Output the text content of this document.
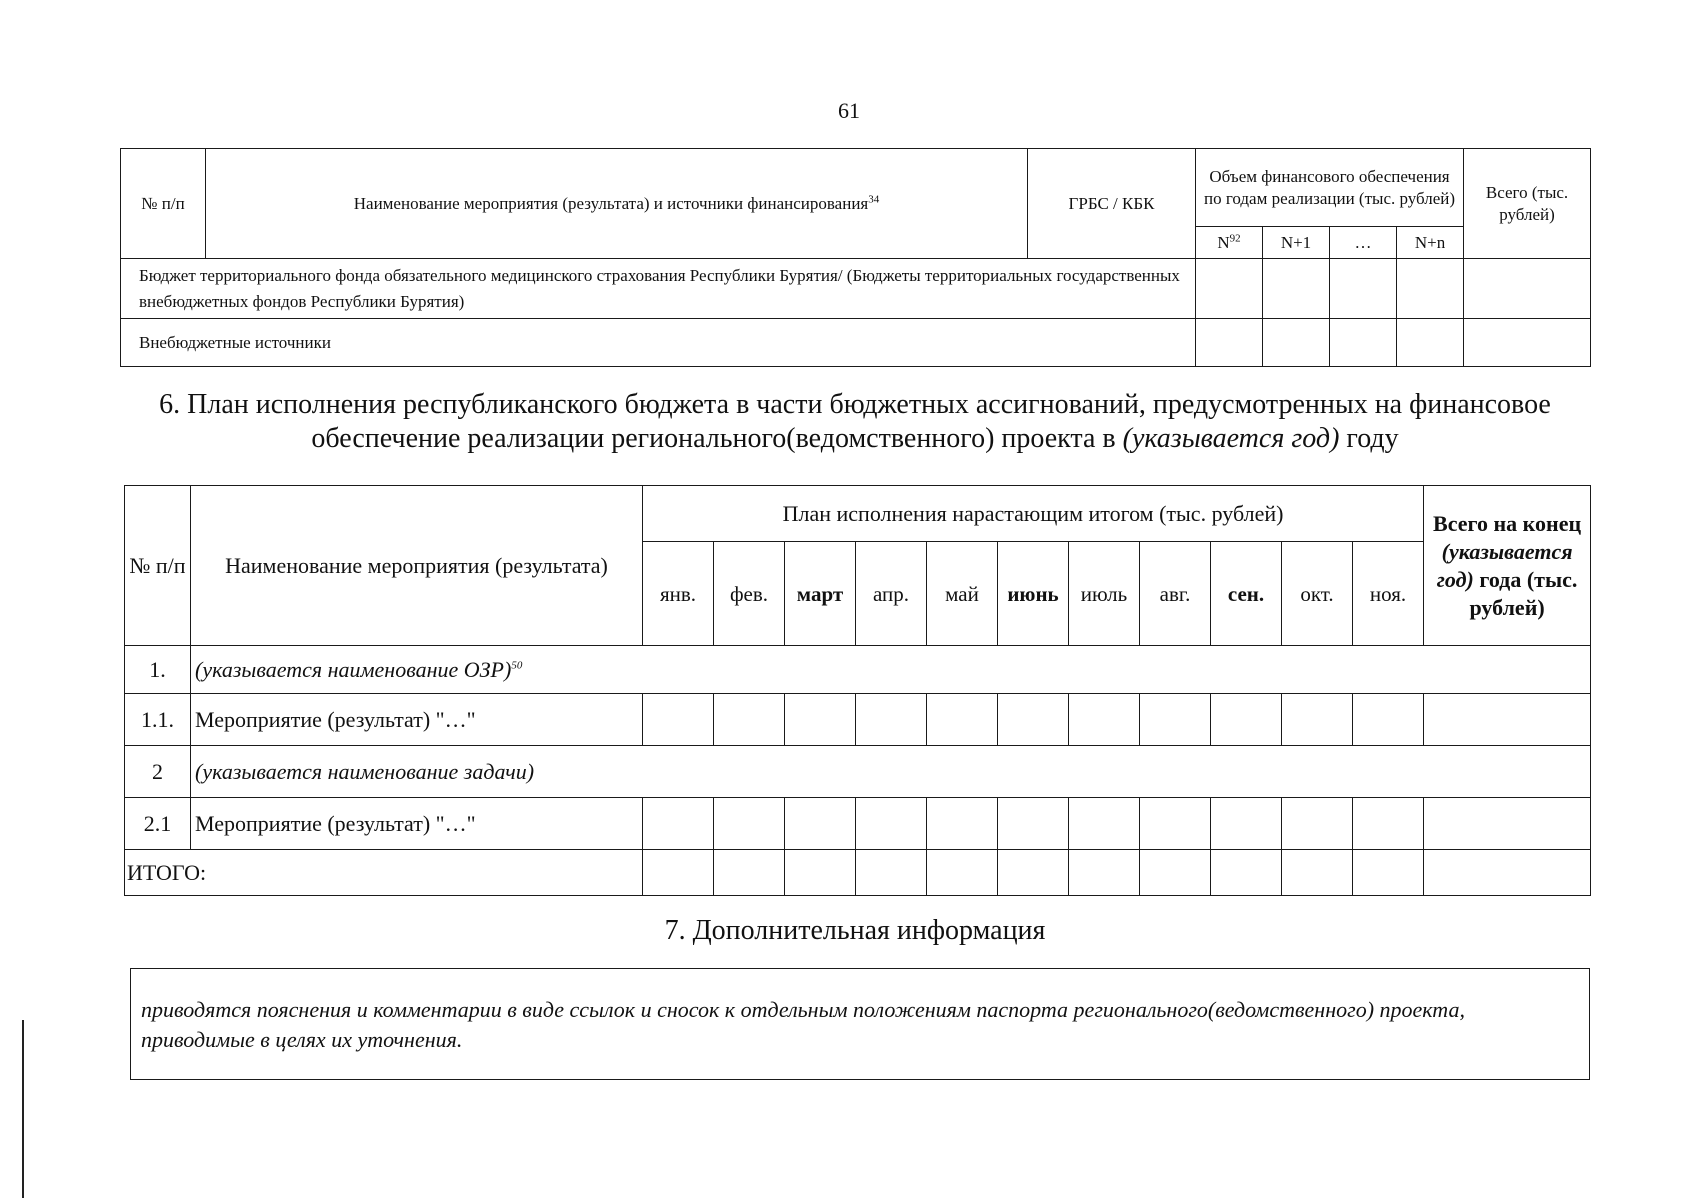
61
№ п/п	Наименование мероприятия (результата) и источники финансирования$^{34}$	ГРБС / КБК	Объем финансового обеспечения по годам реализации (тыс. рублей)				Всего (тыс. рублей)
			$N^{92}$	N+1	…	N+n	
Бюджет территориального фонда обязательного медицинского страхования Республики Бурятия/ (Бюджеты территориальных государственных внебюджетных фондов Республики Бурятия)							
Внебюджетные источники							
6. План исполнения республиканского бюджета в части бюджетных ассигнований, предусмотренных на финансовое
обеспечение реализации регионального(ведомственного) проекта в (указывается год) году
№ п/п	Наименование мероприятия (результата)	План исполнения нарастающим итогом (тыс. рублей)											Всего на конец (указывается год) года (тыс. рублей)
		янв.	фев.	март	апр.	май	июнь	июль	авг.	сен.	окт.	ноя.	
1.	(указывается наименование ОЗР)$^{50}$
1.1.	Мероприятие (результат) "…"												
2	(указывается наименование задачи)												
2.1	Мероприятие (результат) "…"												
ИТОГО:													
7. Дополнительная информация
приводятся пояснения и комментарии в виде ссылок и сносок к отдельным положениям паспорта регионального(ведомственного) проекта, приводимые в целях их уточнения.
